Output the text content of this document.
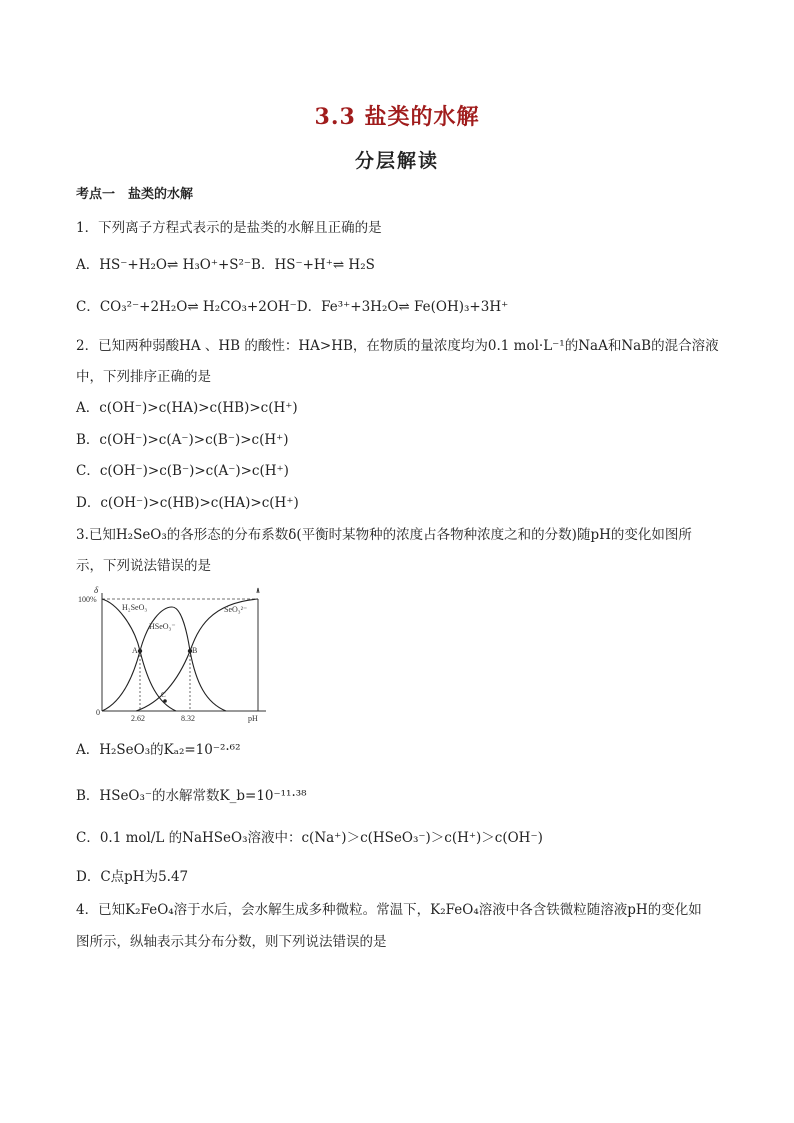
3.3 盐类的水解
分层解读
考点一　盐类的水解
1．下列离子方程式表示的是盐类的水解且正确的是
A．HS⁻+H₂O⇌ H₃O⁺+S²⁻B．HS⁻+H⁺⇌ H₂S
C．CO₃²⁻+2H₂O⇌ H₂CO₃+2OH⁻D．Fe³⁺+3H₂O⇌ Fe(OH)₃+3H⁺
2．已知两种弱酸HA 、HB 的酸性：HA>HB，在物质的量浓度均为0.1 mol·L⁻¹的NaA和NaB的混合溶液
中，下列排序正确的是
A．c(OH⁻)>c(HA)>c(HB)>c(H⁺)
B．c(OH⁻)>c(A⁻)>c(B⁻)>c(H⁺)
C．c(OH⁻)>c(B⁻)>c(A⁻)>c(H⁺)
D．c(OH⁻)>c(HB)>c(HA)>c(H⁺)
3.已知H₂SeO₃的各形态的分布系数δ(平衡时某物种的浓度占各物种浓度之和的分数)随pH的变化如图所
示，下列说法错误的是
δ
100%
0
pH
2.62	8.32
H₂SeO₃
HSeO₃⁻
SeO₃²⁻
A	B
C
A．H₂SeO₃的Kₐ₂=10⁻²·⁶²
B．HSeO₃⁻的水解常数K_b=10⁻¹¹·³⁸
C．0.1 mol/L 的NaHSeO₃溶液中：c(Na⁺)＞c(HSeO₃⁻)＞c(H⁺)＞c(OH⁻)
D．C点pH为5.47
4．已知K₂FeO₄溶于水后，会水解生成多种微粒。常温下，K₂FeO₄溶液中各含铁微粒随溶液pH的变化如
图所示，纵轴表示其分布分数，则下列说法错误的是
